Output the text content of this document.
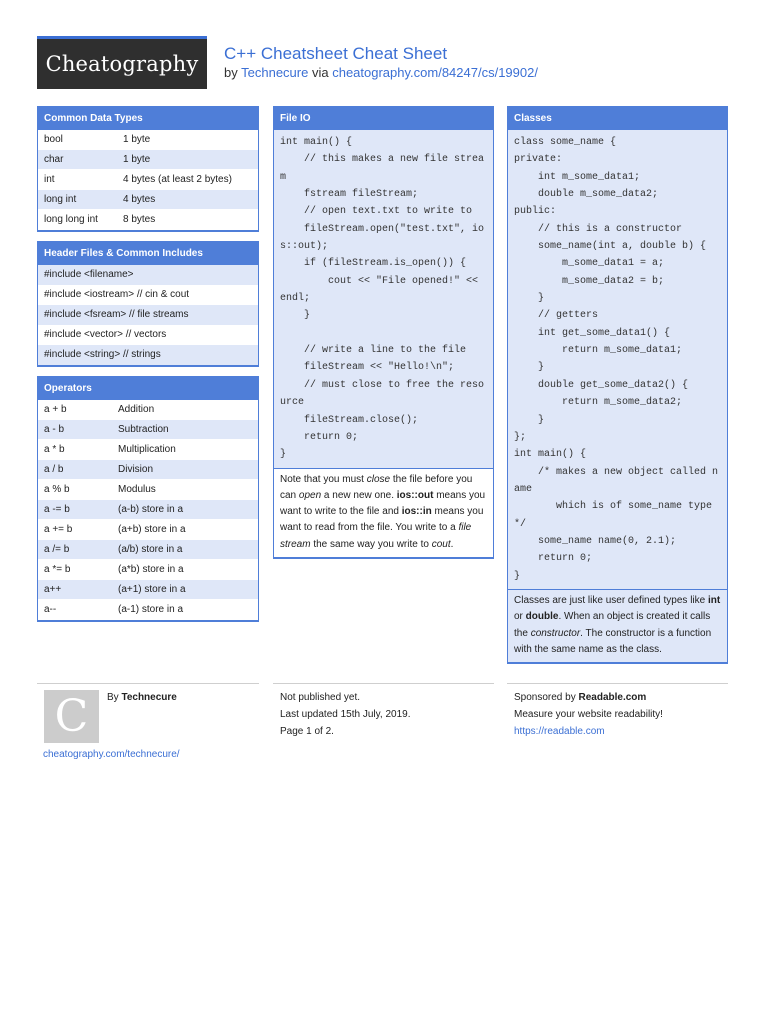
Cheatography C++ Cheatsheet Cheat Sheet
by Technecure via cheatography.com/84247/cs/19902/
Common Data Types
bool	1 byte
char	1 byte
int	4 bytes (at least 2 bytes)
long int	4 bytes
long long int	8 bytes
Header Files & Common Includes
#include <filename>
#include <iostream> // cin & cout
#include <fsream> // file streams
#include <vector> // vectors
#include <string> // strings
Operators
a + b	Addition
a - b	Subtraction
a * b	Multiplication
a / b	Division
a % b	Modulus
a -= b	(a-b) store in a
a += b	(a+b) store in a
a /= b	(a/b) store in a
a *= b	(a*b) store in a
a++	(a+1) store in a
a--	(a-1) store in a
File IO
int main() {
// this makes a new file stream
fstream fileStream;
// open text.txt to write to
fileStream.open("test.txt", ios::out);
if (fileStream.is_open()) {
cout << "File opened!" << endl;
}

// write a line to the file
fileStream << "Hello!\n";
// must close to free the resource
fileStream.close();
return 0;
}
Note that you must close the file before you can open a new new one. ios::out means you want to write to the file and ios::in means you want to read from the file. You write to a file stream the same way you write to cout.
Classes
class some_name {
private:
int m_some_data1;
double m_some_data2;
public:
// this is a constructor
some_name(int a, double b) {
m_some_data1 = a;
m_some_data2 = b;
}
// getters
int get_some_data1() {
return m_some_data1;
}
double get_some_data2() {
return m_some_data2;
}
};
int main() {
/* makes a new object called name
which is of some_name type */
some_name name(0, 2.1);
return 0;
}
Classes are just like user defined types like int or double. When an object is created it calls the constructor. The constructor is a function with the same name as the class.
C By Technecure
cheatography.com/technecure/
Not published yet.
Last updated 15th July, 2019.
Page 1 of 2.
Sponsored by Readable.com
Measure your website readability!
https://readable.com
